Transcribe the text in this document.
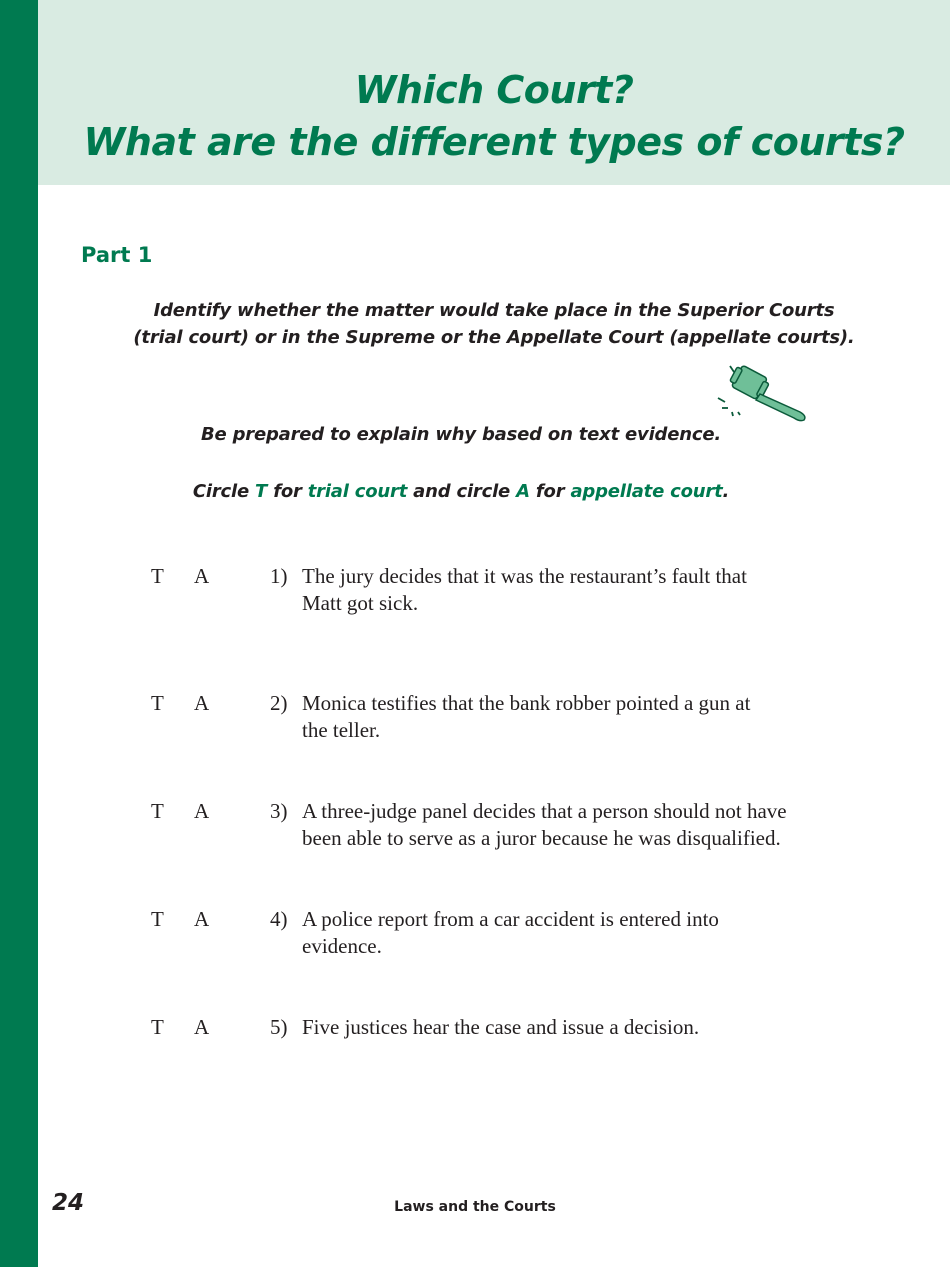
Which Court?
What are the different types of courts?
Part 1
Identify whether the matter would take place in the Superior Courts
(trial court) or in the Supreme or the Appellate Court (appellate courts).
Be prepared to explain why based on text evidence.
Circle T for trial court and circle A for appellate court.
T A	1) The jury decides that it was the restaurant’s fault that
Matt got sick.
T A	2) Monica testifies that the bank robber pointed a gun at
the teller.
T A	3) A three-judge panel decides that a person should not have
been able to serve as a juror because he was disqualified.
T A	4) A police report from a car accident is entered into
evidence.
T A	5) Five justices hear the case and issue a decision.
24	Laws and the Courts
